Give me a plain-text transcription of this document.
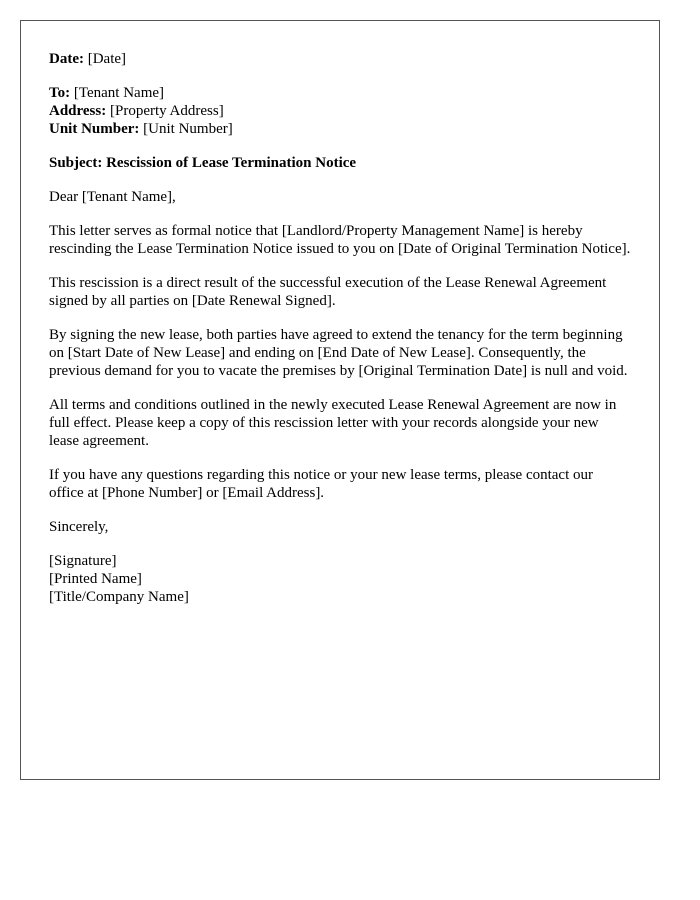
Date: [Date]
To: [Tenant Name]
Address: [Property Address]
Unit Number: [Unit Number]

Subject: Rescission of Lease Termination Notice

Dear [Tenant Name],

This letter serves as formal notice that [Landlord/Property Management Name] is hereby rescinding the Lease Termination Notice issued to you on [Date of Original Termination Notice].

This rescission is a direct result of the successful execution of the Lease Renewal Agreement signed by all parties on [Date Renewal Signed].

By signing the new lease, both parties have agreed to extend the tenancy for the term beginning on [Start Date of New Lease] and ending on [End Date of New Lease]. Consequently, the previous demand for you to vacate the premises by [Original Termination Date] is null and void.

All terms and conditions outlined in the newly executed Lease Renewal Agreement are now in full effect. Please keep a copy of this rescission letter with your records alongside your new lease agreement.

If you have any questions regarding this notice or your new lease terms, please contact our office at [Phone Number] or [Email Address].

Sincerely,

[Signature]
[Printed Name]
[Title/Company Name]
